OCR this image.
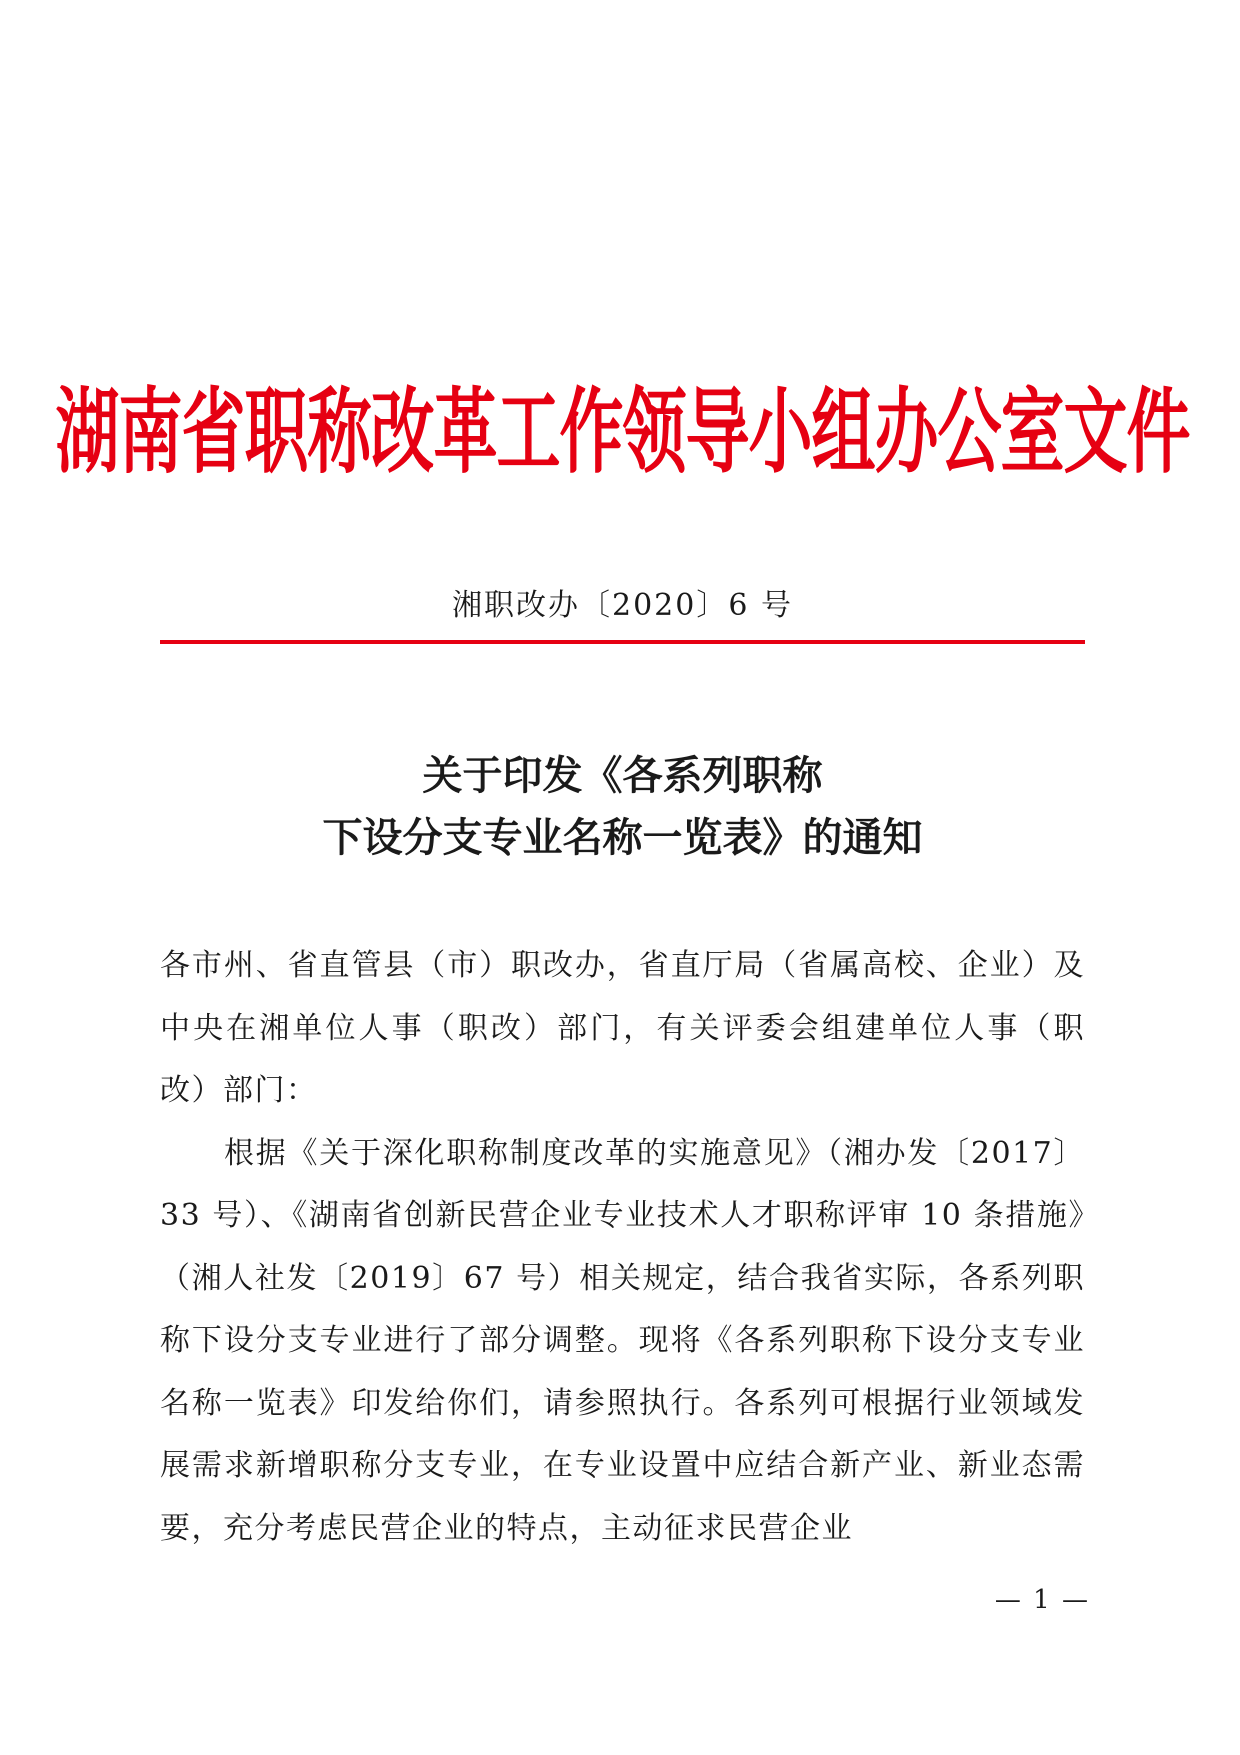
湖南省职称改革工作领导小组办公室文件
湘职改办〔2020〕6 号
关于印发《各系列职称
下设分支专业名称一览表》的通知

各市州、省直管县（市）职改办，省直厅局（省属高校、企业）及中央在湘单位人事（职改）部门，有关评委会组建单位人事（职改）部门：

根据《关于深化职称制度改革的实施意见》（湘办发〔2017〕33 号）、《湖南省创新民营企业专业技术人才职称评审 10 条措施》（湘人社发〔2019〕67 号）相关规定，结合我省实际，各系列职称下设分支专业进行了部分调整。现将《各系列职称下设分支专业名称一览表》印发给你们，请参照执行。各系列可根据行业领域发展需求新增职称分支专业，在专业设置中应结合新产业、新业态需要，充分考虑民营企业的特点，主动征求民营企业

— 1 —
